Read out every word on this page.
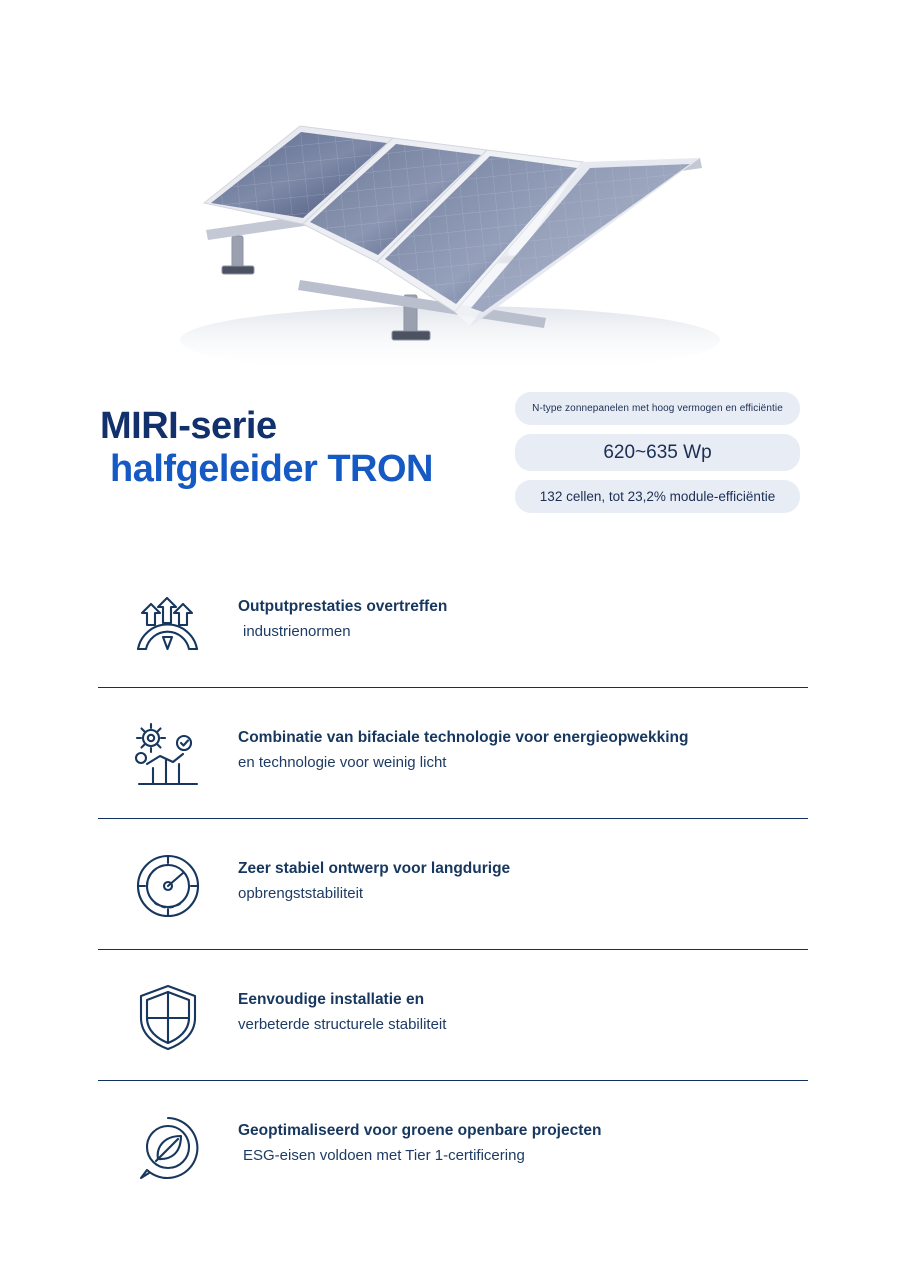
MIRI-serie
halfgeleider TRON
N-type zonnepanelen met hoog vermogen en efficiëntie
620~635 Wp
132 cellen, tot 23,2% module-efficiëntie
Outputprestaties overtreffen
industrienormen
Combinatie van bifaciale technologie voor energieopwekking
en technologie voor weinig licht
Zeer stabiel ontwerp voor langdurige
opbrengststabiliteit
Eenvoudige installatie en
verbeterde structurele stabiliteit
Geoptimaliseerd voor groene openbare projecten
ESG-eisen voldoen met Tier 1-certificering
